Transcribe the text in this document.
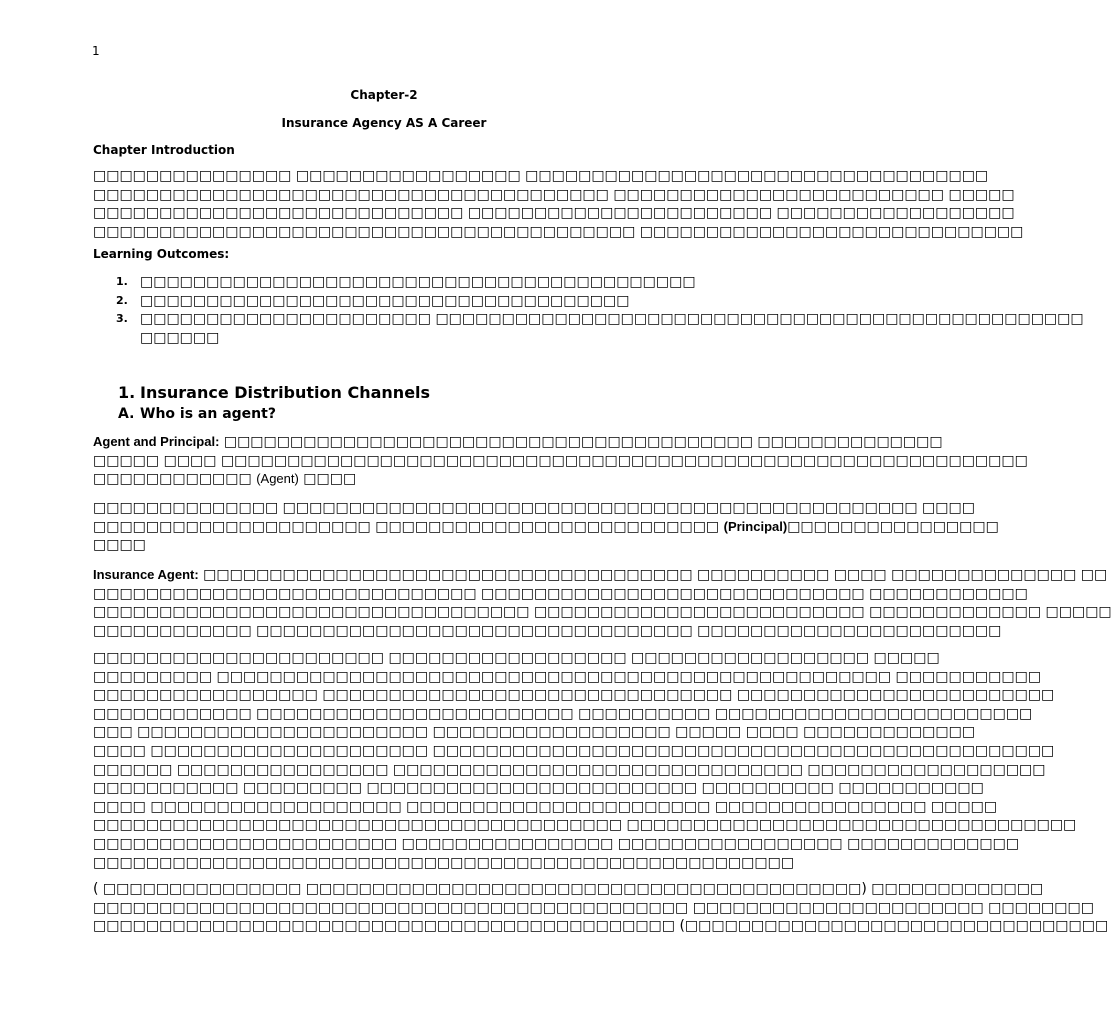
1
Chapter-2
Insurance Agency AS A Career
Chapter Introduction
□□□□□□□□□□□□□□□ □□□□□□□□□□□□□□□□□ □□□□□□□□□□□□□□□□□□□□□□□□□□□□□□□□□□□
□□□□□□□□□□□□□□□□□□□□□□□□□□□□□□□□□□□□□□□ □□□□□□□□□□□□□□□□□□□□□□□□□ □□□□□
□□□□□□□□□□□□□□□□□□□□□□□□□□□□ □□□□□□□□□□□□□□□□□□□□□□□ □□□□□□□□□□□□□□□□□□
□□□□□□□□□□□□□□□□□□□□□□□□□□□□□□□□□□□□□□□□□ □□□□□□□□□□□□□□□□□□□□□□□□□□□□□
Learning Outcomes:
1. □□□□□□□□□□□□□□□□□□□□□□□□□□□□□□□□□□□□□□□□□□
2. □□□□□□□□□□□□□□□□□□□□□□□□□□□□□□□□□□□□□
3. □□□□□□□□□□□□□□□□□□□□□□ □□□□□□□□□□□□□□□□□□□□□□□□□□□□□□□□□□□□□□□□□□□□□□□□□
□□□□□□
1. Insurance Distribution Channels
A. Who is an agent?
Agent and Principal: □□□□□□□□□□□□□□□□□□□□□□□□□□□□□□□□□□□□□□□□ □□□□□□□□□□□□□□
□□□□□ □□□□ □□□□□□□□□□□□□□□□□□□□□□□□□□□□□□□□□□□□□□□□□□□□□□□□□□□□□□□□□□□□□
□□□□□□□□□□□□ (Agent) □□□□
□□□□□□□□□□□□□□ □□□□□□□□□□□□□□□□□□□□□□□□□□□□□□□□□□□□□□□□□□□□□□□□ □□□□
□□□□□□□□□□□□□□□□□□□□□ □□□□□□□□□□□□□□□□□□□□□□□□□□ (Principal)□□□□□□□□□□□□□□□□
□□□□
Insurance Agent: □□□□□□□□□□□□□□□□□□□□□□□□□□□□□□□□□□□□□ □□□□□□□□□□ □□□□ □□□□□□□□□□□□□□ □□
□□□□□□□□□□□□□□□□□□□□□□□□□□□□□ □□□□□□□□□□□□□□□□□□□□□□□□□□□□□ □□□□□□□□□□□□
□□□□□□□□□□□□□□□□□□□□□□□□□□□□□□□□□ □□□□□□□□□□□□□□□□□□□□□□□□□ □□□□□□□□□□□□□ □□□□□
□□□□□□□□□□□□ □□□□□□□□□□□□□□□□□□□□□□□□□□□□□□□□□ □□□□□□□□□□□□□□□□□□□□□□□
□□□□□□□□□□□□□□□□□□□□□□ □□□□□□□□□□□□□□□□□□ □□□□□□□□□□□□□□□□□□ □□□□□
□□□□□□□□□ □□□□□□□□□□□□□□□□□□□□□□□□□□□□□□□□□□□□□□□□□□□□□□□□□□□ □□□□□□□□□□□
□□□□□□□□□□□□□□□□□ □□□□□□□□□□□□□□□□□□□□□□□□□□□□□□□ □□□□□□□□□□□□□□□□□□□□□□□□
□□□□□□□□□□□□ □□□□□□□□□□□□□□□□□□□□□□□□ □□□□□□□□□□ □□□□□□□□□□□□□□□□□□□□□□□□
□□□ □□□□□□□□□□□□□□□□□□□□□□ □□□□□□□□□□□□□□□□□□ □□□□□ □□□□ □□□□□□□□□□□□□
□□□□ □□□□□□□□□□□□□□□□□□□□□ □□□□□□□□□□□□□□□□□□□□□□□□□□□□□□□□□□□□□□□□□□□□□□□
□□□□□□ □□□□□□□□□□□□□□□□ □□□□□□□□□□□□□□□□□□□□□□□□□□□□□□□ □□□□□□□□□□□□□□□□□□
□□□□□□□□□□□ □□□□□□□□□ □□□□□□□□□□□□□□□□□□□□□□□□□ □□□□□□□□□□ □□□□□□□□□□□
□□□□ □□□□□□□□□□□□□□□□□□□ □□□□□□□□□□□□□□□□□□□□□□□ □□□□□□□□□□□□□□□□ □□□□□
□□□□□□□□□□□□□□□□□□□□□□□□□□□□□□□□□□□□□□□□ □□□□□□□□□□□□□□□□□□□□□□□□□□□□□□□□□□
□□□□□□□□□□□□□□□□□□□□□□□ □□□□□□□□□□□□□□□□ □□□□□□□□□□□□□□□□□ □□□□□□□□□□□□□
□□□□□□□□□□□□□□□□□□□□□□□□□□□□□□□□□□□□□□□□□□□□□□□□□□□□□
( □□□□□□□□□□□□□□□ □□□□□□□□□□□□□□□□□□□□□□□□□□□□□□□□□□□□□□□□□□) □□□□□□□□□□□□□
□□□□□□□□□□□□□□□□□□□□□□□□□□□□□□□□□□□□□□□□□□□□□ □□□□□□□□□□□□□□□□□□□□□□ □□□□□□□□
□□□□□□□□□□□□□□□□□□□□□□□□□□□□□□□□□□□□□□□□□□□□ (□□□□□□□□□□□□□□□□□□□□□□□□□□□□□□□□
